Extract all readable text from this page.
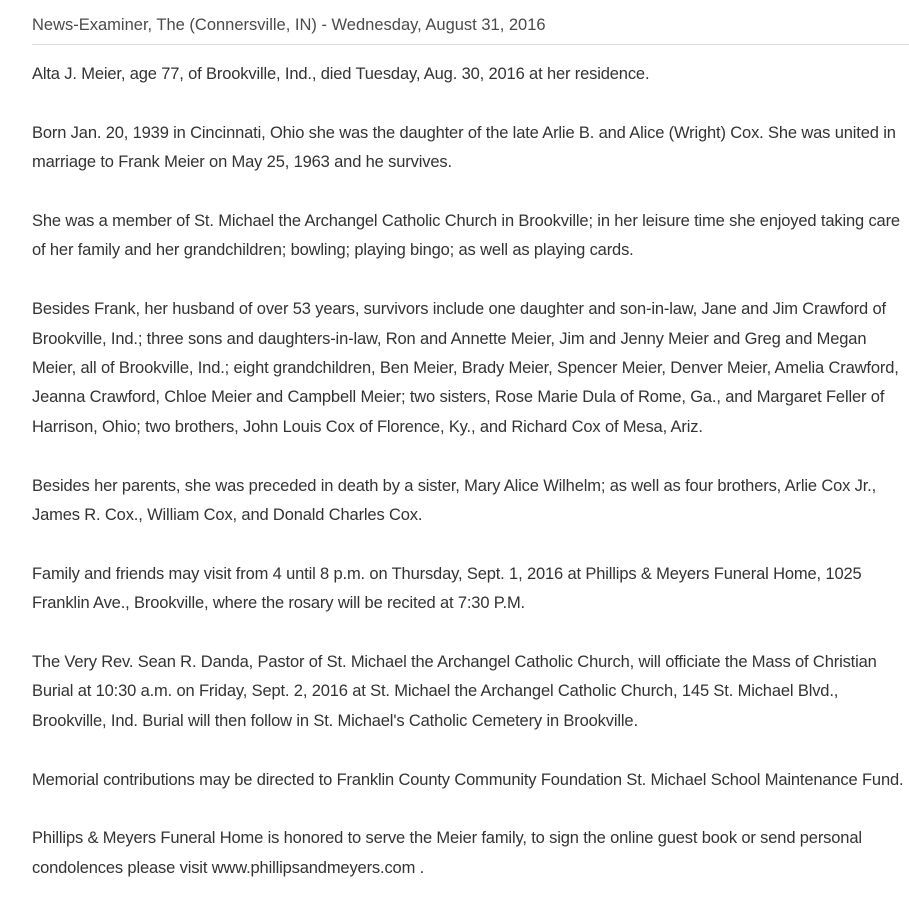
News-Examiner, The (Connersville, IN) - Wednesday, August 31, 2016

Alta J. Meier, age 77, of Brookville, Ind., died Tuesday, Aug. 30, 2016 at her residence.

Born Jan. 20, 1939 in Cincinnati, Ohio she was the daughter of the late Arlie B. and Alice (Wright) Cox. She was united in marriage to Frank Meier on May 25, 1963 and he survives.

She was a member of St. Michael the Archangel Catholic Church in Brookville; in her leisure time she enjoyed taking care of her family and her grandchildren; bowling; playing bingo; as well as playing cards.

Besides Frank, her husband of over 53 years, survivors include one daughter and son-in-law, Jane and Jim Crawford of Brookville, Ind.; three sons and daughters-in-law, Ron and Annette Meier, Jim and Jenny Meier and Greg and Megan Meier, all of Brookville, Ind.; eight grandchildren, Ben Meier, Brady Meier, Spencer Meier, Denver Meier, Amelia Crawford, Jeanna Crawford, Chloe Meier and Campbell Meier; two sisters, Rose Marie Dula of Rome, Ga., and Margaret Feller of Harrison, Ohio; two brothers, John Louis Cox of Florence, Ky., and Richard Cox of Mesa, Ariz.

Besides her parents, she was preceded in death by a sister, Mary Alice Wilhelm; as well as four brothers, Arlie Cox Jr., James R. Cox., William Cox, and Donald Charles Cox.

Family and friends may visit from 4 until 8 p.m. on Thursday, Sept. 1, 2016 at Phillips & Meyers Funeral Home, 1025 Franklin Ave., Brookville, where the rosary will be recited at 7:30 P.M.

The Very Rev. Sean R. Danda, Pastor of St. Michael the Archangel Catholic Church, will officiate the Mass of Christian Burial at 10:30 a.m. on Friday, Sept. 2, 2016 at St. Michael the Archangel Catholic Church, 145 St. Michael Blvd., Brookville, Ind. Burial will then follow in St. Michael's Catholic Cemetery in Brookville.

Memorial contributions may be directed to Franklin County Community Foundation St. Michael School Maintenance Fund.

Phillips & Meyers Funeral Home is honored to serve the Meier family, to sign the online guest book or send personal condolences please visit www.phillipsandmeyers.com .
